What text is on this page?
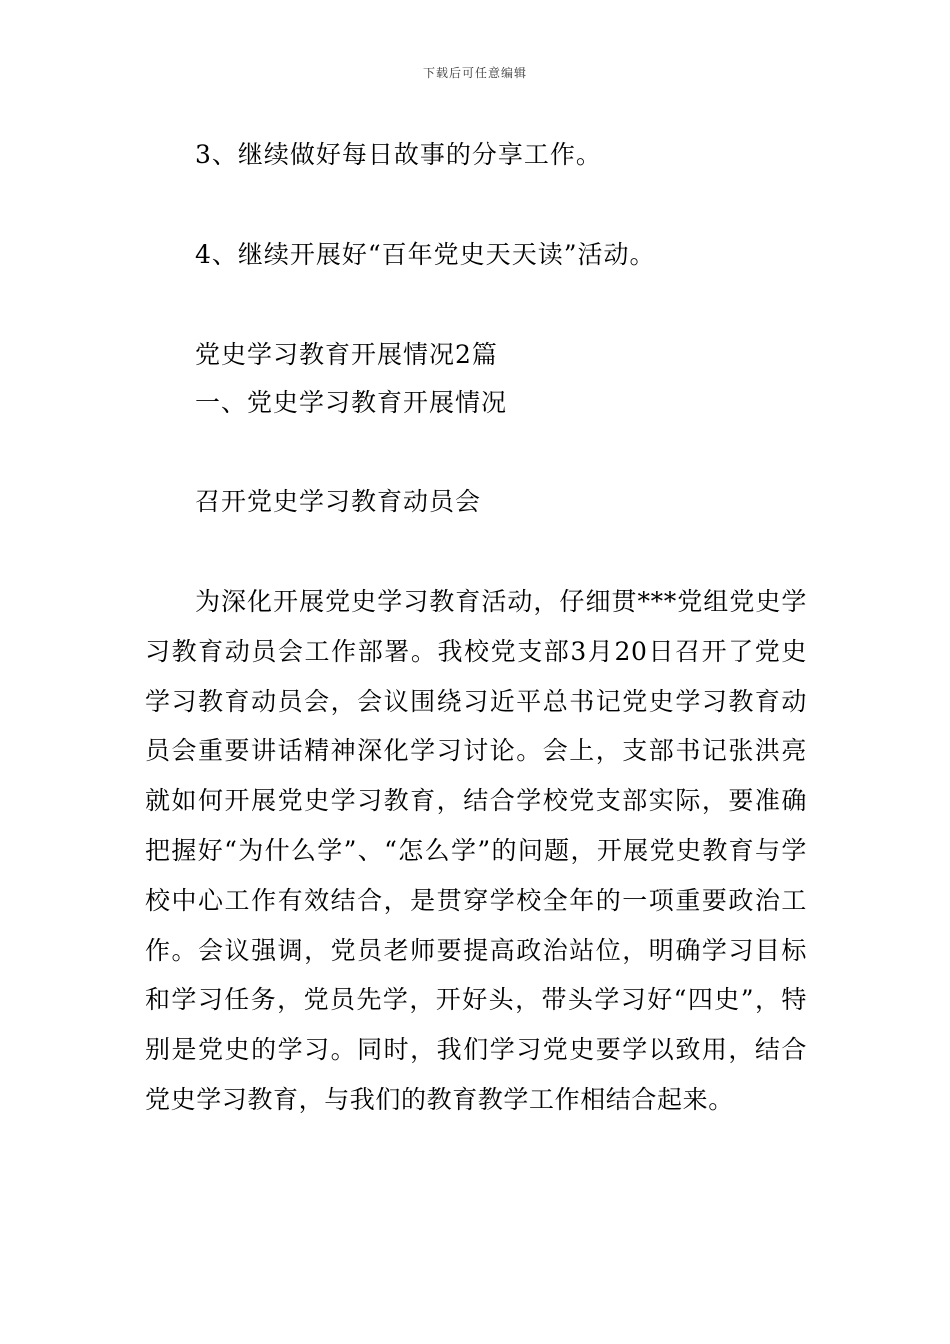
下载后可任意编辑
3、继续做好每日故事的分享工作。
4、继续开展好“百年党史天天读”活动。
党史学习教育开展情况2篇
一、党史学习教育开展情况
召开党史学习教育动员会
为深化开展党史学习教育活动，仔细贯***党组党史学习教育动员会工作部署。我校党支部3月20日召开了党史学习教育动员会，会议围绕习近平总书记党史学习教育动员会重要讲话精神深化学习讨论。会上，支部书记张洪亮就如何开展党史学习教育，结合学校党支部实际，要准确把握好“为什么学”、“怎么学”的问题，开展党史教育与学校中心工作有效结合，是贯穿学校全年的一项重要政治工作。会议强调，党员老师要提高政治站位，明确学习目标和学习任务，党员先学，开好头，带头学习好“四史”，特别是党史的学习。同时，我们学习党史要学以致用，结合党史学习教育，与我们的教育教学工作相结合起来。
